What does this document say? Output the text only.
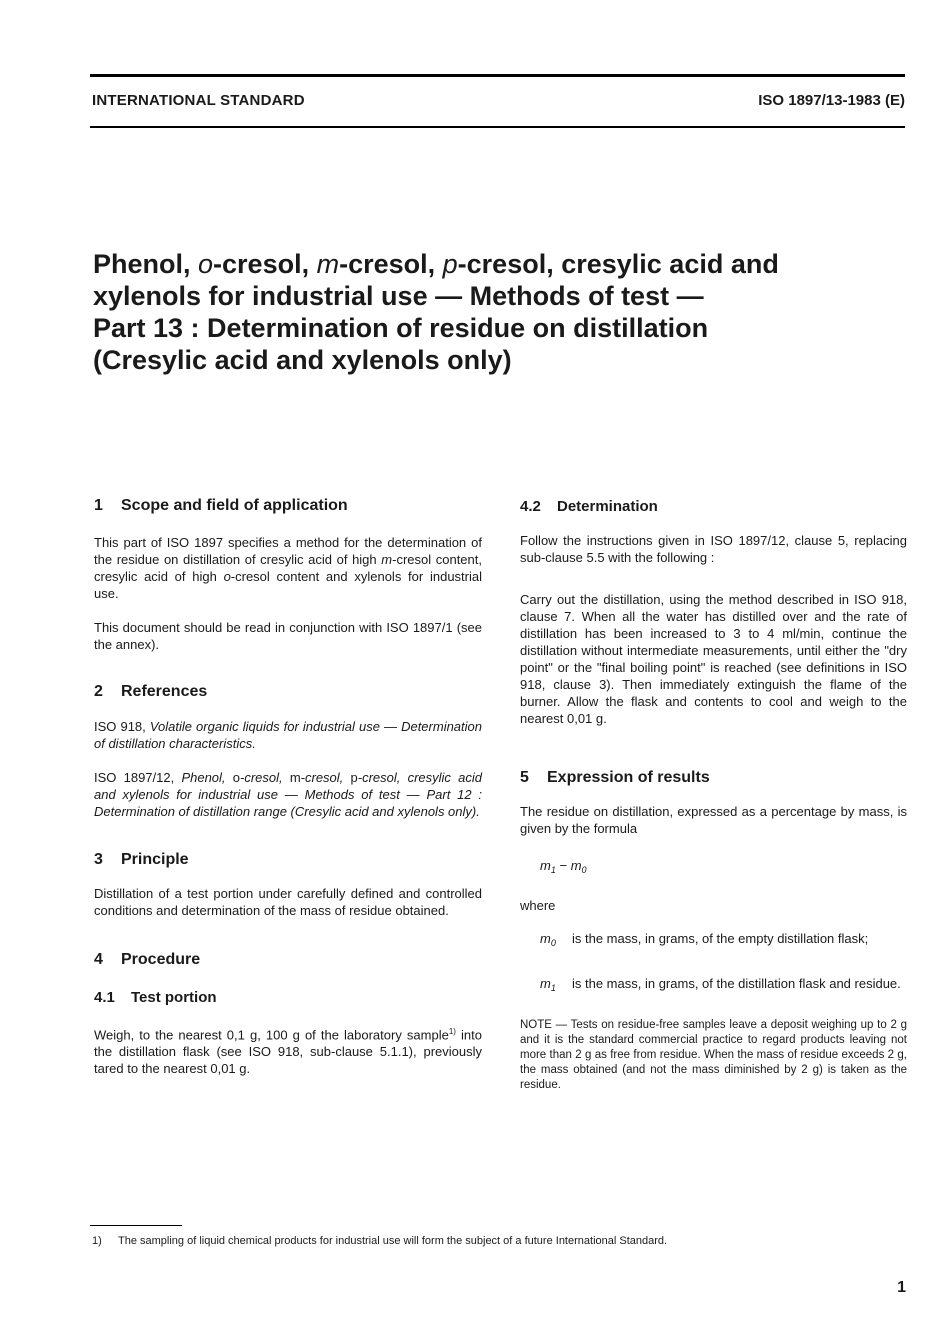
INTERNATIONAL STANDARD	ISO 1897/13-1983 (E)
Phenol, o-cresol, m-cresol, p-cresol, cresylic acid and
xylenols for industrial use — Methods of test —
Part 13 : Determination of residue on distillation
(Cresylic acid and xylenols only)
1 Scope and field of application

This part of ISO 1897 specifies a method for the determination of the residue on distillation of cresylic acid of high m-cresol content, cresylic acid of high o-cresol content and xylenols for industrial use.

This document should be read in conjunction with ISO 1897/1 (see the annex).

2 References

ISO 918, Volatile organic liquids for industrial use — Determination of distillation characteristics.

ISO 1897/12, Phenol, o-cresol, m-cresol, p-cresol, cresylic acid and xylenols for industrial use — Methods of test — Part 12 : Determination of distillation range (Cresylic acid and xylenols only).

3 Principle

Distillation of a test portion under carefully defined and controlled conditions and determination of the mass of residue obtained.

4 Procedure
4.1 Test portion

Weigh, to the nearest 0,1 g, 100 g of the laboratory sample$^{1)}$ into the distillation flask (see ISO 918, sub-clause 5.1.1), previously tared to the nearest 0,01 g.

4.2 Determination

Follow the instructions given in ISO 1897/12, clause 5, replacing sub-clause 5.5 with the following :

Carry out the distillation, using the method described in ISO 918, clause 7. When all the water has distilled over and the rate of distillation has been increased to 3 to 4 ml/min, continue the distillation without intermediate measurements, until either the "dry point" or the "final boiling point" is reached (see definitions in ISO 918, clause 3). Then immediately extinguish the flame of the burner. Allow the flask and contents to cool and weigh to the nearest 0,01 g.

5 Expression of results

The residue on distillation, expressed as a percentage by mass, is given by the formula

$m_1 - m_0$

where

$m_0$	is the mass, in grams, of the empty distillation flask;
$m_1$	is the mass, in grams, of the distillation flask and residue.

NOTE — Tests on residue-free samples leave a deposit weighing up to 2 g and it is the standard commercial practice to regard products leaving not more than 2 g as free from residue. When the mass of residue exceeds 2 g, the mass obtained (and not the mass diminished by 2 g) is taken as the residue.

1) The sampling of liquid chemical products for industrial use will form the subject of a future International Standard.
1
